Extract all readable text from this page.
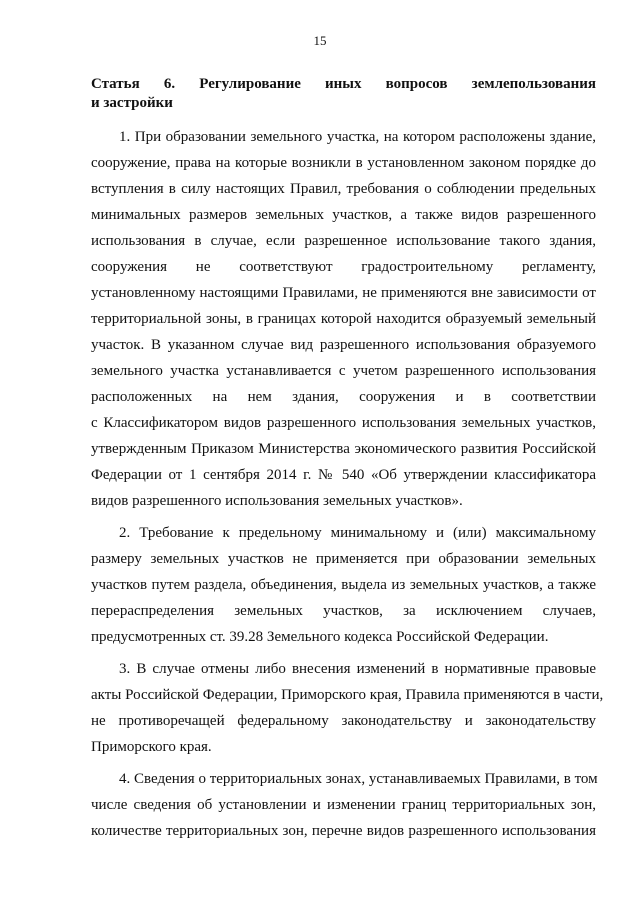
15
Статья 6. Регулирование иных вопросов землепользования
и застройки

1. При образовании земельного участка, на котором расположены здание,
сооружение, права на которые возникли в установленном законом порядке до
вступления в силу настоящих Правил, требования о соблюдении предельных
минимальных размеров земельных участков, а также видов разрешенного
использования в случае, если разрешенное использование такого здания,
сооружения не соответствуют градостроительному регламенту,
установленному настоящими Правилами, не применяются вне зависимости от
территориальной зоны, в границах которой находится образуемый земельный
участок. В указанном случае вид разрешенного использования образуемого
земельного участка устанавливается с учетом разрешенного использования
расположенных на нем здания, сооружения и в соответствии
с Классификатором видов разрешенного использования земельных участков,
утвержденным Приказом Министерства экономического развития Российской
Федерации от 1 сентября 2014 г. № 540 «Об утверждении классификатора
видов разрешенного использования земельных участков».

2. Требование к предельному минимальному и (или) максимальному
размеру земельных участков не применяется при образовании земельных
участков путем раздела, объединения, выдела из земельных участков, а также
перераспределения земельных участков, за исключением случаев,
предусмотренных ст. 39.28 Земельного кодекса Российской Федерации.

3. В случае отмены либо внесения изменений в нормативные правовые
акты Российской Федерации, Приморского края, Правила применяются в части,
не противоречащей федеральному законодательству и законодательству
Приморского края.

4. Сведения о территориальных зонах, устанавливаемых Правилами, в том
числе сведения об установлении и изменении границ территориальных зон,
количестве территориальных зон, перечне видов разрешенного использования
